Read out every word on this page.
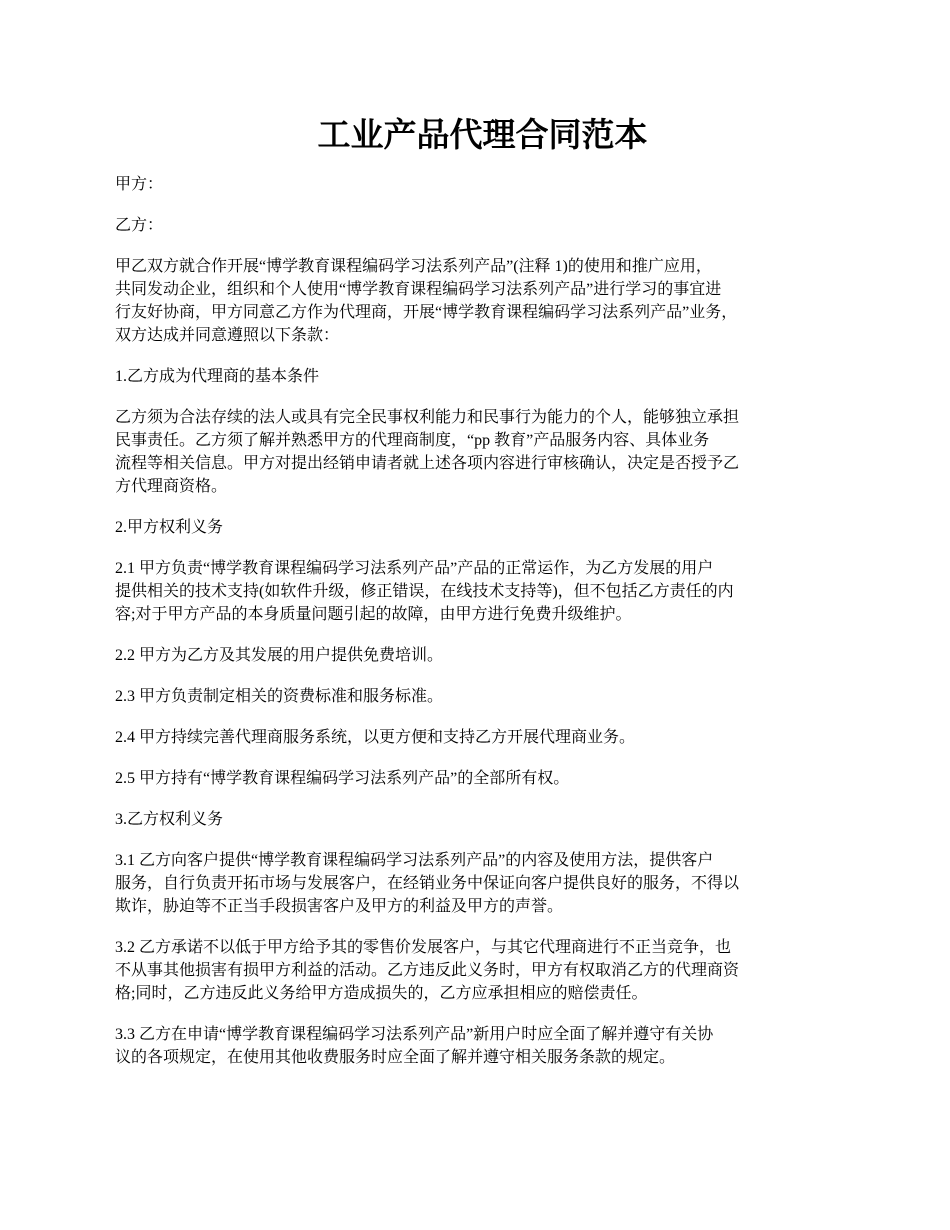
工业产品代理合同范本
甲方：
乙方：
甲乙双方就合作开展“博学教育课程编码学习法系列产品”(注释 1)的使用和推广应用，
共同发动企业，组织和个人使用“博学教育课程编码学习法系列产品”进行学习的事宜进
行友好协商，甲方同意乙方作为代理商，开展“博学教育课程编码学习法系列产品”业务，
双方达成并同意遵照以下条款：
1.乙方成为代理商的基本条件
乙方须为合法存续的法人或具有完全民事权利能力和民事行为能力的个人，能够独立承担
民事责任。乙方须了解并熟悉甲方的代理商制度，“pp 教育”产品服务内容、具体业务
流程等相关信息。甲方对提出经销申请者就上述各项内容进行审核确认，决定是否授予乙
方代理商资格。
2.甲方权利义务
2.1 甲方负责“博学教育课程编码学习法系列产品”产品的正常运作，为乙方发展的用户
提供相关的技术支持(如软件升级，修正错误，在线技术支持等)，但不包括乙方责任的内
容;对于甲方产品的本身质量问题引起的故障，由甲方进行免费升级维护。
2.2 甲方为乙方及其发展的用户提供免费培训。
2.3 甲方负责制定相关的资费标准和服务标准。
2.4 甲方持续完善代理商服务系统，以更方便和支持乙方开展代理商业务。
2.5 甲方持有“博学教育课程编码学习法系列产品”的全部所有权。
3.乙方权利义务
3.1 乙方向客户提供“博学教育课程编码学习法系列产品”的内容及使用方法，提供客户
服务，自行负责开拓市场与发展客户，在经销业务中保证向客户提供良好的服务，不得以
欺诈，胁迫等不正当手段损害客户及甲方的利益及甲方的声誉。
3.2 乙方承诺不以低于甲方给予其的零售价发展客户，与其它代理商进行不正当竞争，也
不从事其他损害有损甲方利益的活动。乙方违反此义务时，甲方有权取消乙方的代理商资
格;同时，乙方违反此义务给甲方造成损失的，乙方应承担相应的赔偿责任。
3.3 乙方在申请“博学教育课程编码学习法系列产品”新用户时应全面了解并遵守有关协
议的各项规定，在使用其他收费服务时应全面了解并遵守相关服务条款的规定。
